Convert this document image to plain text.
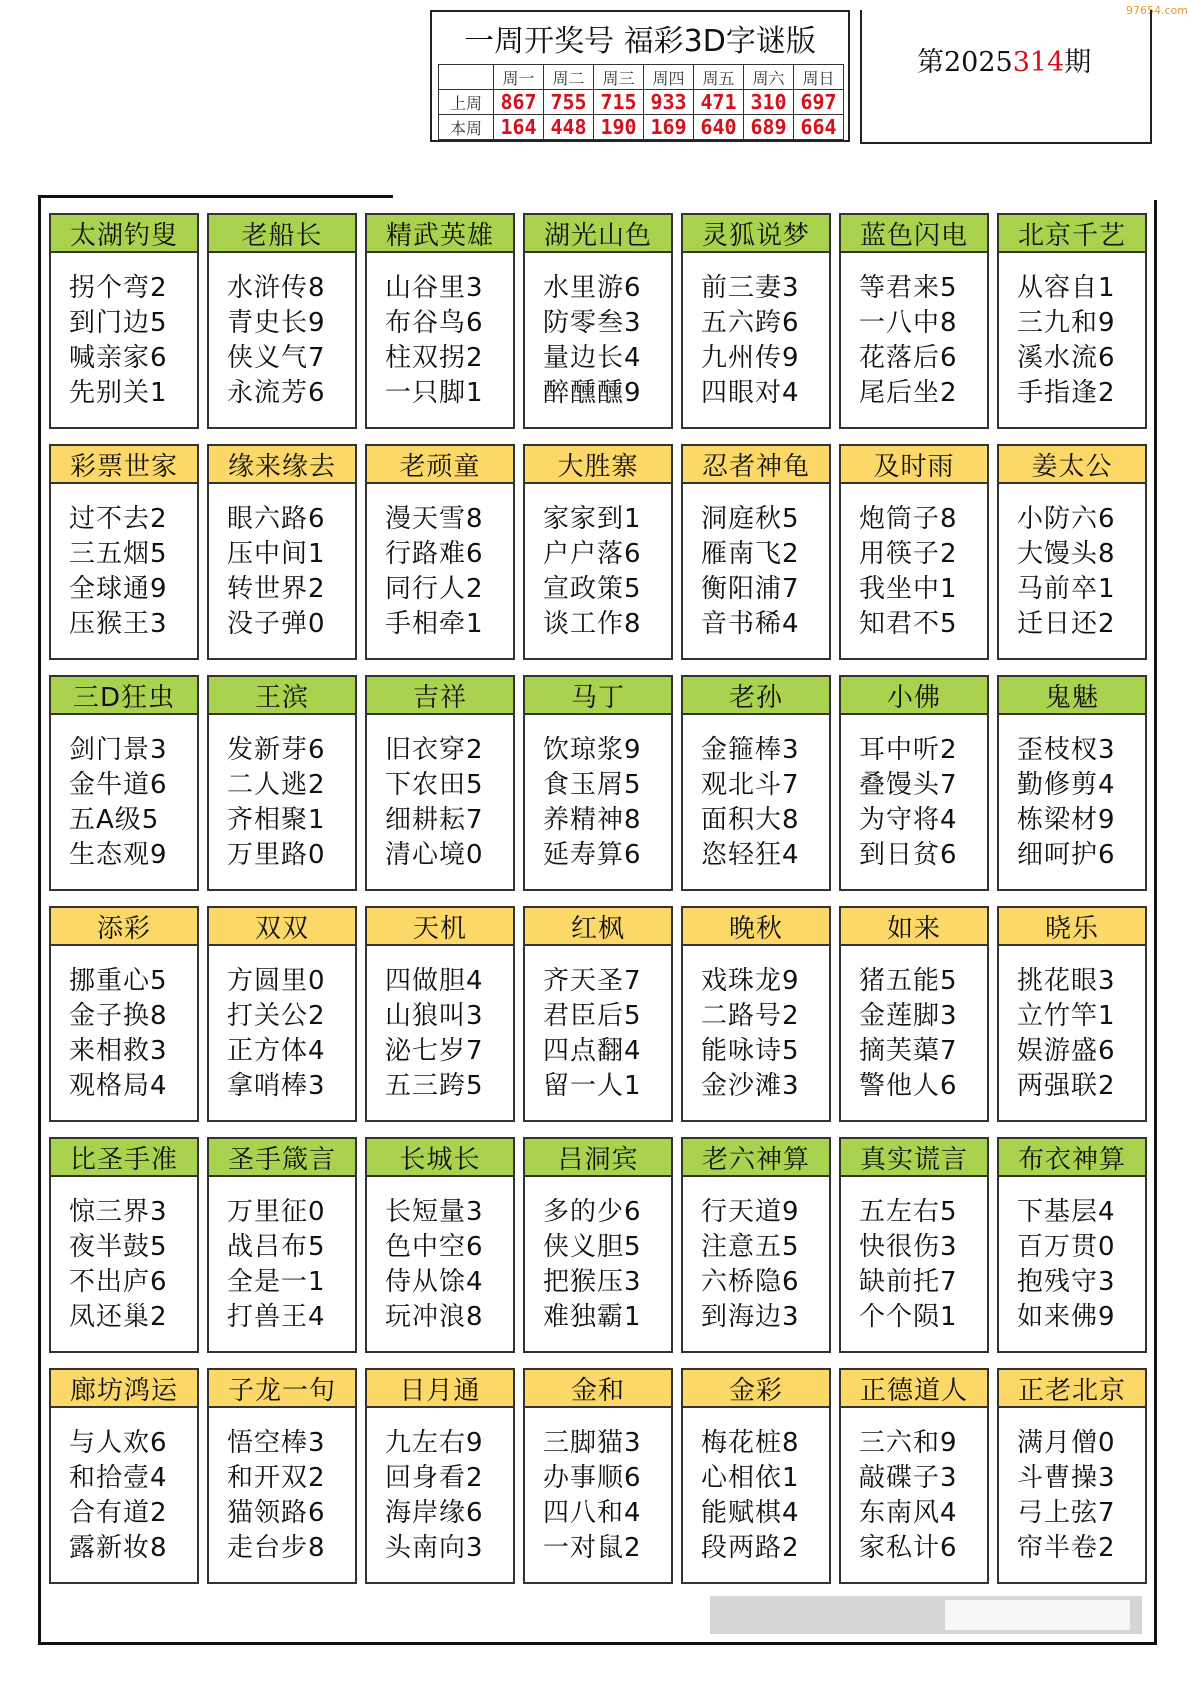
97654.com
一周开奖号 福彩3D字谜版
	周一	周二	周三	周四	周五	周六	周日
上周	867	755	715	933	471	310	697
本周	164	448	190	169	640	689	664
第2025314期
太湖钓叟
拐个弯2
到门边5
喊亲家6
先别关1
老船长
水浒传8
青史长9
侠义气7
永流芳6
精武英雄
山谷里3
布谷鸟6
柱双拐2
一只脚1
湖光山色
水里游6
防零叁3
量边长4
醉醺醺9
灵狐说梦
前三妻3
五六跨6
九州传9
四眼对4
蓝色闪电
等君来5
一八中8
花落后6
尾后坐2
北京千艺
从容自1
三九和9
溪水流6
手指逢2
彩票世家
过不去2
三五烟5
全球通9
压猴王3
缘来缘去
眼六路6
压中间1
转世界2
没子弹0
老顽童
漫天雪8
行路难6
同行人2
手相牵1
大胜寨
家家到1
户户落6
宣政策5
谈工作8
忍者神龟
洞庭秋5
雁南飞2
衡阳浦7
音书稀4
及时雨
炮筒子8
用筷子2
我坐中1
知君不5
姜太公
小防六6
大馒头8
马前卒1
迁日还2
三D狂虫
剑门景3
金牛道6
五A级5
生态观9
王滨
发新芽6
二人逃2
齐相聚1
万里路0
吉祥
旧衣穿2
下农田5
细耕耘7
清心境0
马丁
饮琼浆9
食玉屑5
养精神8
延寿算6
老孙
金箍棒3
观北斗7
面积大8
恣轻狂4
小佛
耳中听2
叠馒头7
为守将4
到日贫6
鬼魅
歪枝杈3
勤修剪4
栋梁材9
细呵护6
添彩
挪重心5
金子换8
来相救3
观格局4
双双
方圆里0
打关公2
正方体4
拿哨棒3
天机
四做胆4
山狼叫3
泌七岁7
五三跨5
红枫
齐天圣7
君臣后5
四点翻4
留一人1
晚秋
戏珠龙9
二路号2
能咏诗5
金沙滩3
如来
猪五能5
金莲脚3
摘芙蕖7
警他人6
晓乐
挑花眼3
立竹竿1
娱游盛6
两强联2
比圣手准
惊三界3
夜半鼓5
不出庐6
凤还巢2
圣手箴言
万里征0
战吕布5
全是一1
打兽王4
长城长
长短量3
色中空6
侍从馀4
玩冲浪8
吕洞宾
多的少6
侠义胆5
把猴压3
难独霸1
老六神算
行天道9
注意五5
六桥隐6
到海边3
真实谎言
五左右5
快很伤3
缺前托7
个个陨1
布衣神算
下基层4
百万贯0
抱残守3
如来佛9
廊坊鸿运
与人欢6
和拾壹4
合有道2
露新妆8
子龙一句
悟空棒3
和开双2
猫领路6
走台步8
日月通
九左右9
回身看2
海岸缘6
头南向3
金和
三脚猫3
办事顺6
四八和4
一对鼠2
金彩
梅花桩8
心相依1
能赋棋4
段两路2
正德道人
三六和9
敲碟子3
东南风4
家私计6
正老北京
满月僧0
斗曹操3
弓上弦7
帘半卷2
